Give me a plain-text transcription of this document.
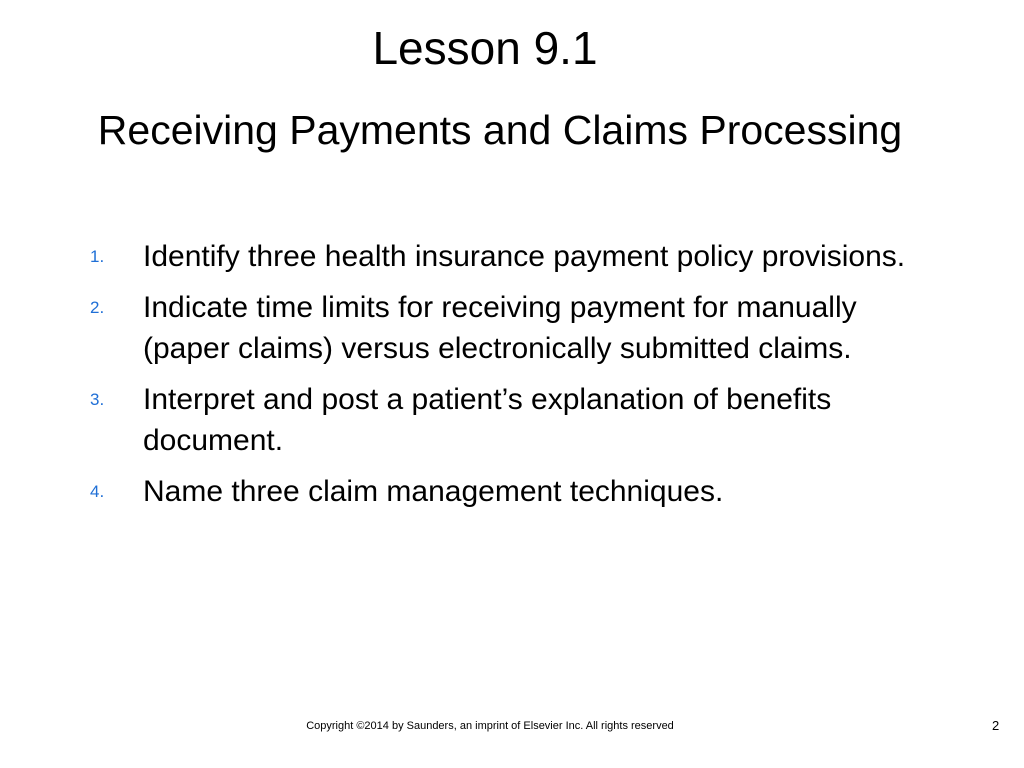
Lesson 9.1
Receiving Payments and Claims Processing
1. Identify three health insurance payment policy provisions.
2. Indicate time limits for receiving payment for manually (paper claims) versus electronically submitted claims.
3. Interpret and post a patient’s explanation of benefits document.
4. Name three claim management techniques.
Copyright ©2014 by Saunders, an imprint of Elsevier Inc. All rights reserved	2
